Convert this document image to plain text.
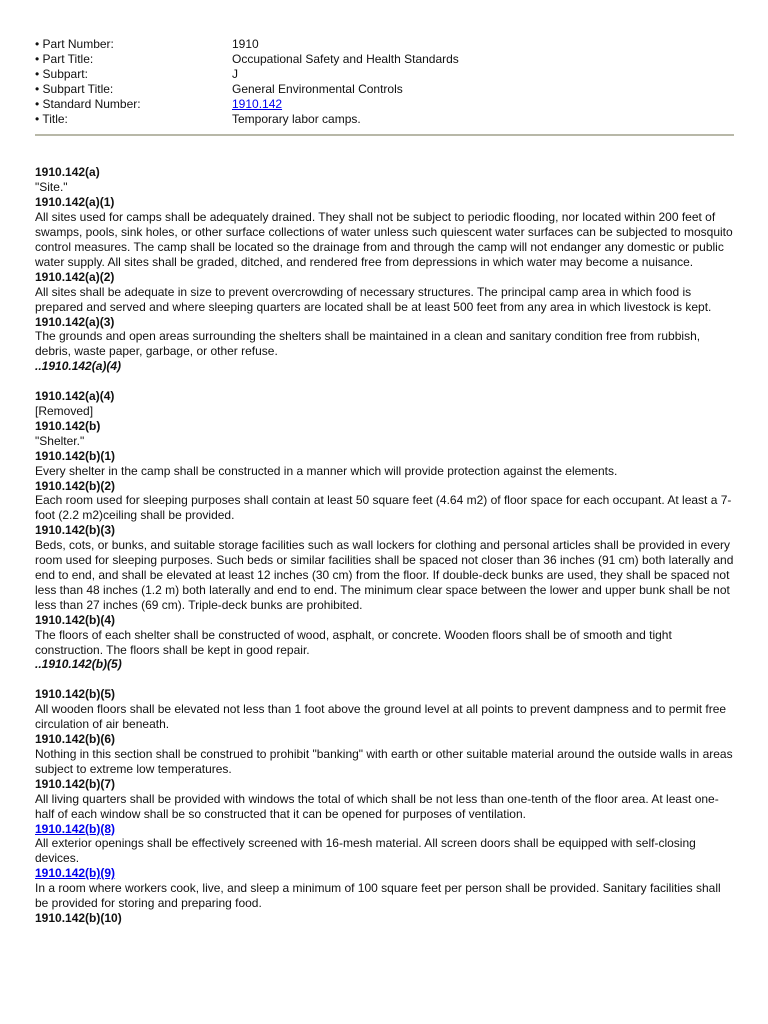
• Part Number:	1910
• Part Title:	Occupational Safety and Health Standards
• Subpart:	J
• Subpart Title:	General Environmental Controls
• Standard Number:	1910.142
• Title:	Temporary labor camps.
1910.142(a)
"Site."
1910.142(a)(1)
All sites used for camps shall be adequately drained. They shall not be subject to periodic flooding, nor located within 200 feet of swamps, pools, sink holes, or other surface collections of water unless such quiescent water surfaces can be subjected to mosquito control measures. The camp shall be located so the drainage from and through the camp will not endanger any domestic or public water supply. All sites shall be graded, ditched, and rendered free from depressions in which water may become a nuisance.
1910.142(a)(2)
All sites shall be adequate in size to prevent overcrowding of necessary structures. The principal camp area in which food is prepared and served and where sleeping quarters are located shall be at least 500 feet from any area in which livestock is kept.
1910.142(a)(3)
The grounds and open areas surrounding the shelters shall be maintained in a clean and sanitary condition free from rubbish, debris, waste paper, garbage, or other refuse.
..1910.142(a)(4)
1910.142(a)(4)
[Removed]
1910.142(b)
"Shelter."
1910.142(b)(1)
Every shelter in the camp shall be constructed in a manner which will provide protection against the elements.
1910.142(b)(2)
Each room used for sleeping purposes shall contain at least 50 square feet (4.64 m2) of floor space for each occupant. At least a 7-foot (2.2 m2)ceiling shall be provided.
1910.142(b)(3)
Beds, cots, or bunks, and suitable storage facilities such as wall lockers for clothing and personal articles shall be provided in every room used for sleeping purposes. Such beds or similar facilities shall be spaced not closer than 36 inches (91 cm) both laterally and end to end, and shall be elevated at least 12 inches (30 cm) from the floor. If double-deck bunks are used, they shall be spaced not less than 48 inches (1.2 m) both laterally and end to end. The minimum clear space between the lower and upper bunk shall be not less than 27 inches (69 cm). Triple-deck bunks are prohibited.
1910.142(b)(4)
The floors of each shelter shall be constructed of wood, asphalt, or concrete. Wooden floors shall be of smooth and tight construction. The floors shall be kept in good repair.
..1910.142(b)(5)
1910.142(b)(5)
All wooden floors shall be elevated not less than 1 foot above the ground level at all points to prevent dampness and to permit free circulation of air beneath.
1910.142(b)(6)
Nothing in this section shall be construed to prohibit "banking" with earth or other suitable material around the outside walls in areas subject to extreme low temperatures.
1910.142(b)(7)
All living quarters shall be provided with windows the total of which shall be not less than one-tenth of the floor area. At least one-half of each window shall be so constructed that it can be opened for purposes of ventilation.
1910.142(b)(8)
All exterior openings shall be effectively screened with 16-mesh material. All screen doors shall be equipped with self-closing devices.
1910.142(b)(9)
In a room where workers cook, live, and sleep a minimum of 100 square feet per person shall be provided. Sanitary facilities shall be provided for storing and preparing food.
1910.142(b)(10)
